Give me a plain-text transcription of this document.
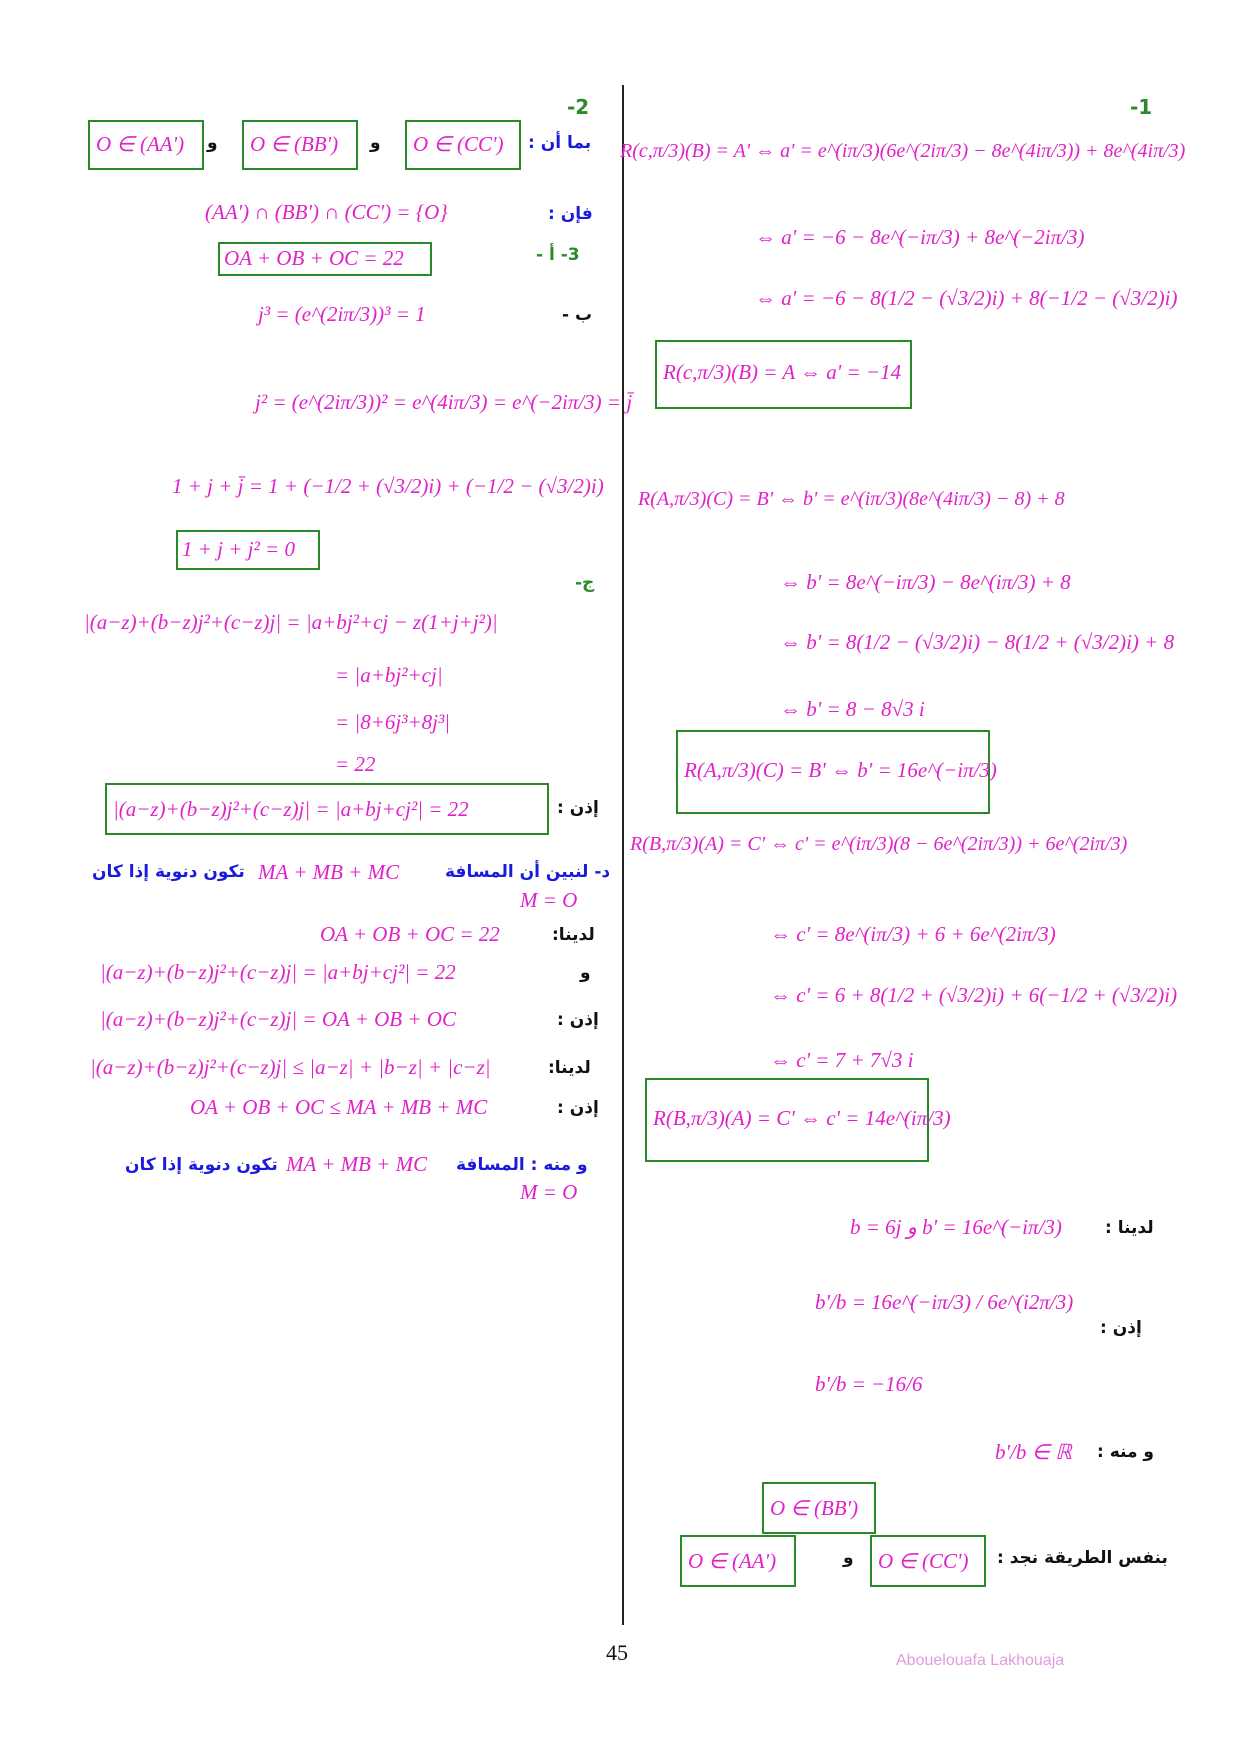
-1
R(c,π/3)(B) = A' ⇔ a' = e^(iπ/3)(6e^(2iπ/3) − 8e^(4iπ/3)) + 8e^(4iπ/3)
⇔ a' = −6 − 8e^(−iπ/3) + 8e^(−2iπ/3)
⇔ a' = −6 − 8(1/2 − (√3/2)i) + 8(−1/2 − (√3/2)i)
R(c,π/3)(B) = A ⇔ a' = −14
R(A,π/3)(C) = B' ⇔ b' = e^(iπ/3)(8e^(4iπ/3) − 8) + 8
⇔ b' = 8e^(−iπ/3) − 8e^(iπ/3) + 8
⇔ b' = 8(1/2 − (√3/2)i) − 8(1/2 + (√3/2)i) + 8
⇔ b' = 8 − 8√3 i
R(A,π/3)(C) = B' ⇔ b' = 16e^(−iπ/3)
R(B,π/3)(A) = C' ⇔ c' = e^(iπ/3)(8 − 6e^(2iπ/3)) + 6e^(2iπ/3)
⇔ c' = 8e^(iπ/3) + 6 + 6e^(2iπ/3)
⇔ c' = 6 + 8(1/2 + (√3/2)i) + 6(−1/2 + (√3/2)i)
⇔ c' = 7 + 7√3 i
R(B,π/3)(A) = C' ⇔ c' = 14e^(iπ/3)
لدينا :
b = 6j و b' = 16e^(−iπ/3)
b'/b = 16e^(−iπ/3) / 6e^(i2π/3)
إذن :
b'/b = −16/6
و منه :
b'/b ∈ ℝ
O ∈ (BB')
بنفس الطريقة نجد :
O ∈ (AA')	و O ∈ (CC')
-2
بما أن :
O ∈ (CC')
و
O ∈ (BB')
و
O ∈ (AA')
فإن :
(AA') ∩ (BB') ∩ (CC') = {O}
3- أ -
OA + OB + OC = 22
ب -
j³ = (e^(2iπ/3))³ = 1
j² = (e^(2iπ/3))² = e^(4iπ/3) = e^(−2iπ/3) = j̄
1 + j + j̄ = 1 + (−1/2 + (√3/2)i) + (−1/2 − (√3/2)i)
1 + j + j² = 0
ج-
|(a−z)+(b−z)j²+(c−z)j| = |a+bj²+cj − z(1+j+j²)|
= |a+bj²+cj|
= |8+6j³+8j³|
= 22
إذن :
|(a−z)+(b−z)j²+(c−z)j| = |a+bj+cj²| = 22
د- لنبين أن المسافة
MA + MB + MC
تكون دنوية إذا كان
M = O
لدينا:
OA + OB + OC = 22
و
|(a−z)+(b−z)j²+(c−z)j| = |a+bj+cj²| = 22
إذن :
|(a−z)+(b−z)j²+(c−z)j| = OA + OB + OC
لدينا:
|(a−z)+(b−z)j²+(c−z)j| ≤ |a−z| + |b−z| + |c−z|
إذن :
OA + OB + OC ≤ MA + MB + MC
و منه : المسافة
MA + MB + MC
تكون دنوية إذا كان
M = O
45	Abouelouafa Lakhouaja
